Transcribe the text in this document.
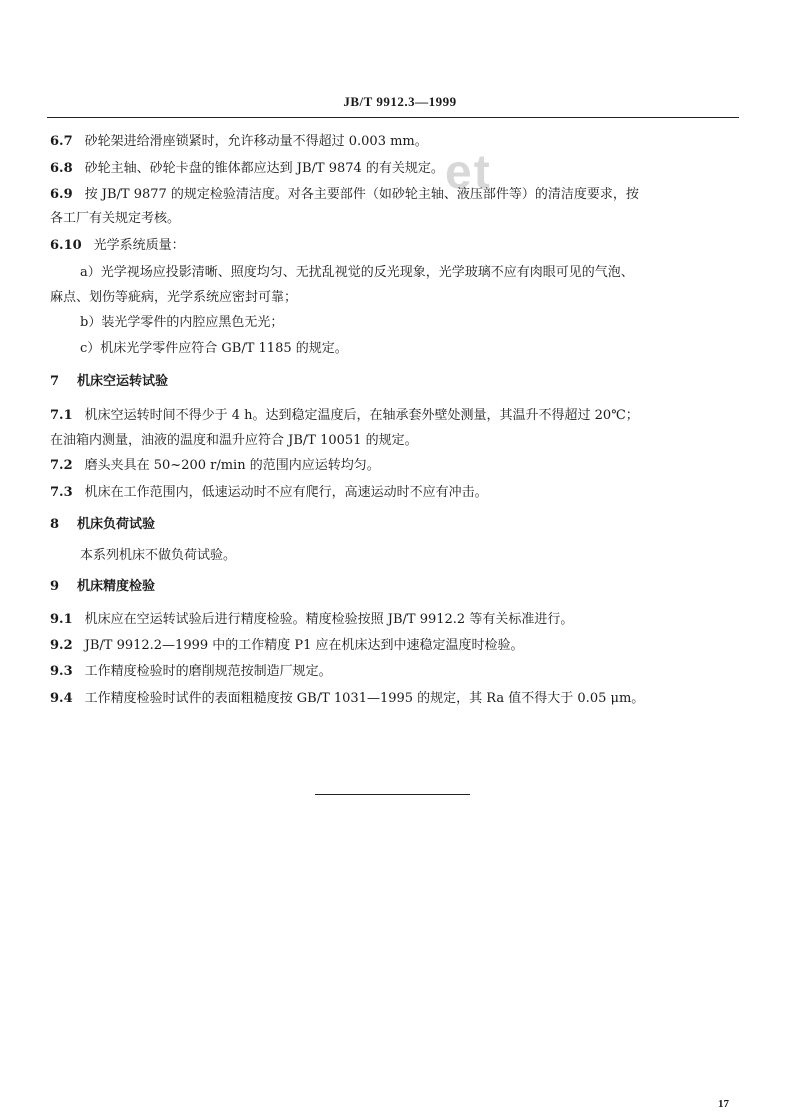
et
JB/T 9912.3—1999
6.7 砂轮架进给滑座锁紧时，允许移动量不得超过 0.003 mm。
6.8 砂轮主轴、砂轮卡盘的锥体都应达到 JB/T 9874 的有关规定。
6.9 按 JB/T 9877 的规定检验清洁度。对各主要部件（如砂轮主轴、液压部件等）的清洁度要求，按
各工厂有关规定考核。
6.10 光学系统质量：
a）光学视场应投影清晰、照度均匀、无扰乱视觉的反光现象，光学玻璃不应有肉眼可见的气泡、
麻点、划伤等疵病，光学系统应密封可靠；
b）装光学零件的内腔应黑色无光；
c）机床光学零件应符合 GB/T 1185 的规定。
7 机床空运转试验
7.1 机床空运转时间不得少于 4 h。达到稳定温度后，在轴承套外壁处测量，其温升不得超过 20℃；
在油箱内测量，油液的温度和温升应符合 JB/T 10051 的规定。
7.2 磨头夹具在 50~200 r/min 的范围内应运转均匀。
7.3 机床在工作范围内，低速运动时不应有爬行，高速运动时不应有冲击。
8 机床负荷试验
本系列机床不做负荷试验。
9 机床精度检验
9.1 机床应在空运转试验后进行精度检验。精度检验按照 JB/T 9912.2 等有关标准进行。
9.2 JB/T 9912.2—1999 中的工作精度 P1 应在机床达到中速稳定温度时检验。
9.3 工作精度检验时的磨削规范按制造厂规定。
9.4 工作精度检验时试件的表面粗糙度按 GB/T 1031—1995 的规定，其 Ra 值不得大于 0.05 μm。
17
